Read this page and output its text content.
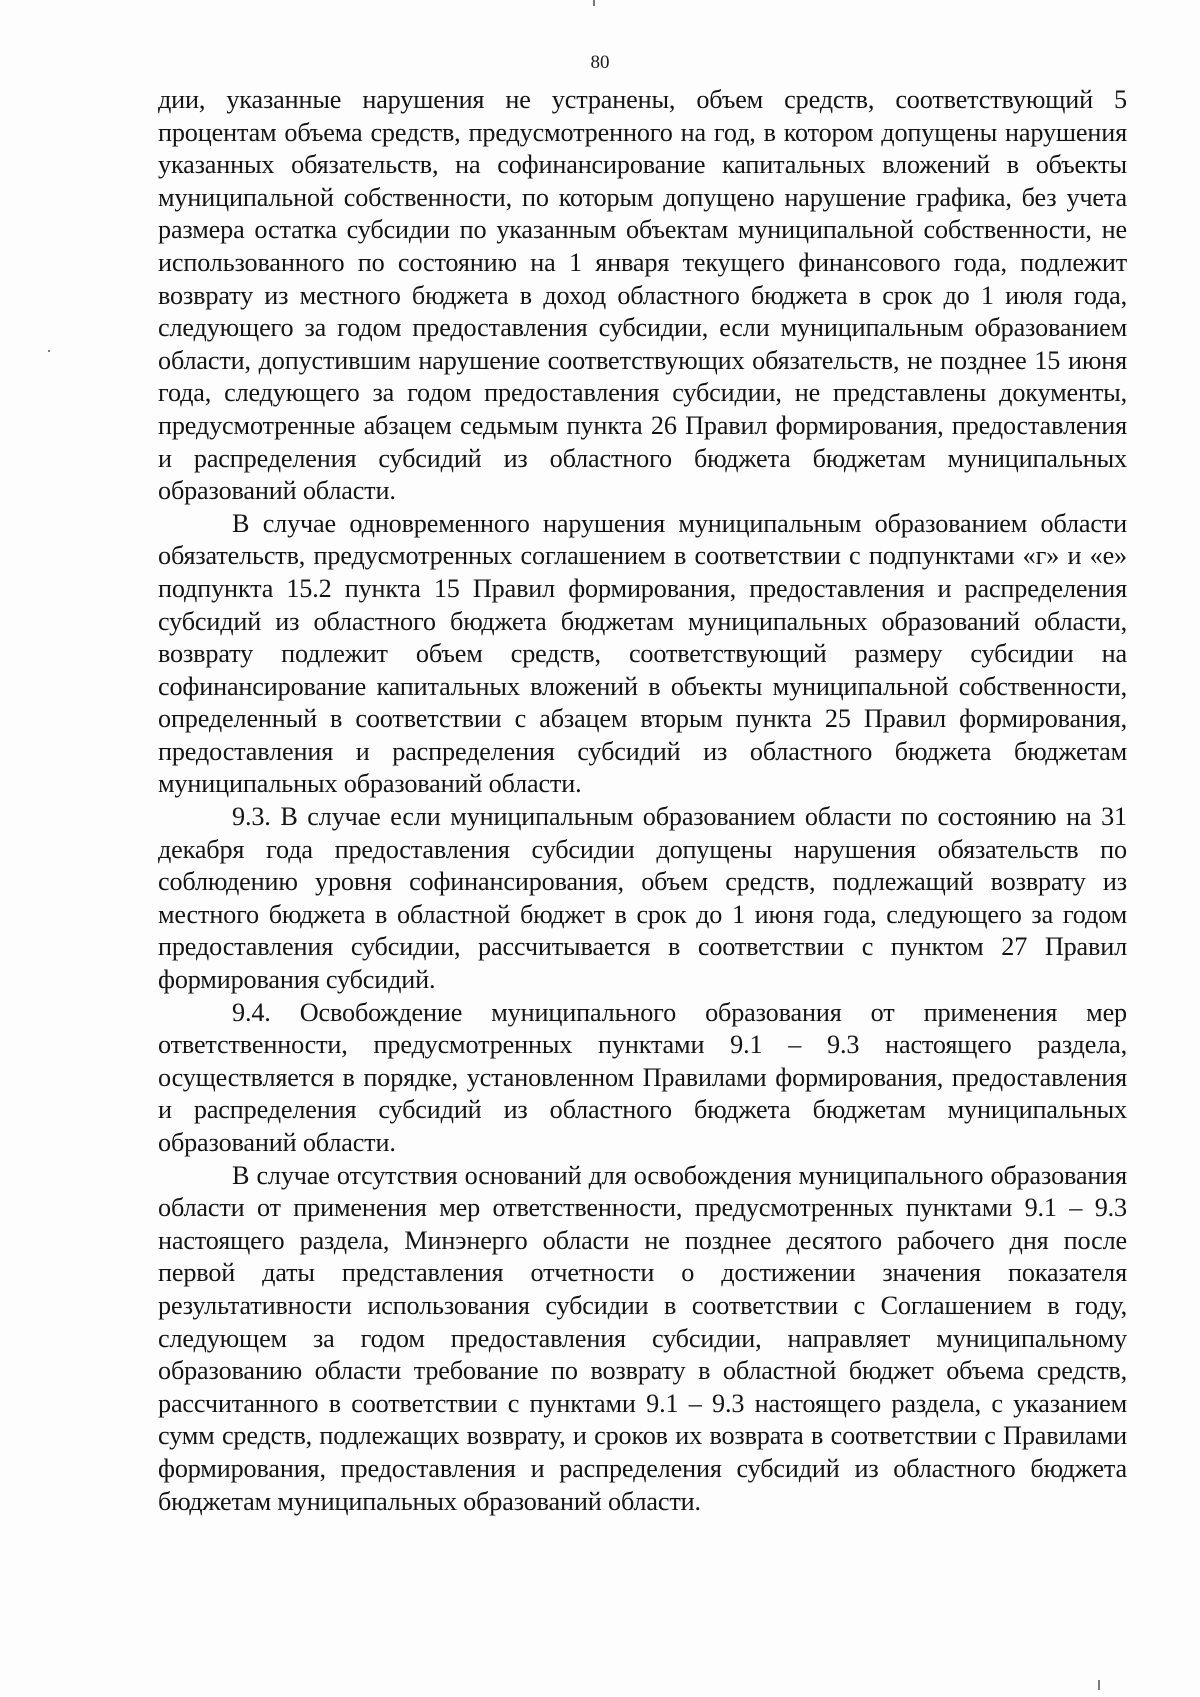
80

дии, указанные нарушения не устранены, объем средств, соответствующий 5 процентам объема средств, предусмотренного на год, в котором допущены нарушения указанных обязательств, на софинансирование капитальных вложений в объекты муниципальной собственности, по которым допущено нарушение графика, без учета размера остатка субсидии по указанным объектам муниципальной собственности, не использованного по состоянию на 1 января текущего финансового года, подлежит возврату из местного бюджета в доход областного бюджета в срок до 1 июля года, следующего за годом предоставления субсидии, если муниципальным образованием области, допустившим нарушение соответствующих обязательств, не позднее 15 июня года, следующего за годом предоставления субсидии, не представлены документы, предусмотренные абзацем седьмым пункта 26 Правил формирования, предоставления и распределения субсидий из областного бюджета бюджетам муниципальных образований области.

В случае одновременного нарушения муниципальным образованием области обязательств, предусмотренных соглашением в соответствии с подпунктами «г» и «е» подпункта 15.2 пункта 15 Правил формирования, предоставления и распределения субсидий из областного бюджета бюджетам муниципальных образований области, возврату подлежит объем средств, соответствующий размеру субсидии на софинансирование капитальных вложений в объекты муниципальной собственности, определенный в соответствии с абзацем вторым пункта 25 Правил формирования, предоставления и распределения субсидий из областного бюджета бюджетам муниципальных образований области.

9.3. В случае если муниципальным образованием области по состоянию на 31 декабря года предоставления субсидии допущены нарушения обязательств по соблюдению уровня софинансирования, объем средств, подлежащий возврату из местного бюджета в областной бюджет в срок до 1 июня года, следующего за годом предоставления субсидии, рассчитывается в соответствии с пунктом 27 Правил формирования субсидий.

9.4. Освобождение муниципального образования от применения мер ответственности, предусмотренных пунктами 9.1 – 9.3 настоящего раздела, осуществляется в порядке, установленном Правилами формирования, предоставления и распределения субсидий из областного бюджета бюджетам муниципальных образований области.

В случае отсутствия оснований для освобождения муниципального образования области от применения мер ответственности, предусмотренных пунктами 9.1 – 9.3 настоящего раздела, Минэнерго области не позднее десятого рабочего дня после первой даты представления отчетности о достижении значения показателя результативности использования субсидии в соответствии с Соглашением в году, следующем за годом предоставления субсидии, направляет муниципальному образованию области требование по возврату в областной бюджет объема средств, рассчитанного в соответствии с пунктами 9.1 – 9.3 настоящего раздела, с указанием сумм средств, подлежащих возврату, и сроков их возврата в соответствии с Правилами формирования, предоставления и распределения субсидий из областного бюджета бюджетам муниципальных образований области.
